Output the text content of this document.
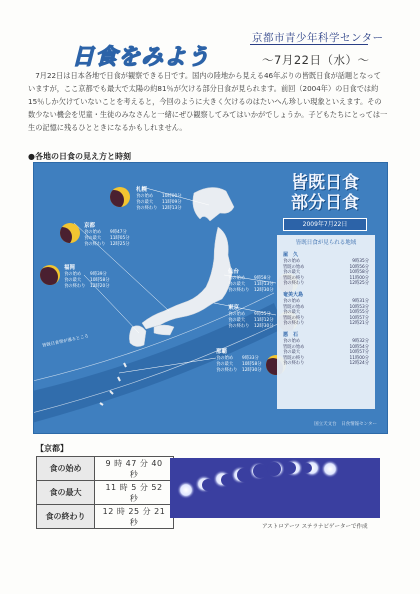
京都市青少年科学センター
日食をみよう	～7月22日（水）～
　7月22日は日本各地で日食が観察できる日です。国内の陸地から見える46年ぶりの皆既日食が話題となっていますが，ここ京都でも最大で太陽の約81％が欠ける部分日食が見られます。前回（2004年）の日食では約15％しか欠けていないことを考えると，今回のように大きく欠けるのはたいへん珍しい現象といえます。その数少ない機会を児童・生徒のみなさんと一緒にぜひ観察してみてはいかがでしょうか。子どもたちにとっては一生の記憶に残るひとときになるかもしれません。
●各地の日食の見え方と時刻
札幌
食の始め	10時00分
食の最大	11時09分
食の終わり	12時13分
京都
食の始め	9時47分
食の最大	11時05分
食の終わり	12時25分
福岡
食の始め	9時39分
食の最大	10時58分
食の終わり	12時20分
仙台
食の始め	9時58分
食の最大	11時13分
食の終わり	12時30分
東京
食の始め	9時55分
食の最大	11時12分
食の終わり	12時30分
那覇
食の始め	9時33分
食の最大	10時58分
食の終わり	12時30分
皆既日食帯が通るところ
皆既日食
部分日食
2009年7月22日
皆既日食が見られる地域
屋　久
食の始め	9時35分
皆既の始め	10時56分
食の最大	10時58分
皆既の終り	11時00分
食の終わり	12時25分
奄美大島
食の始め	9時31分
皆既の始め	10時53分
食の最大	10時55分
皆既の終り	10時57分
食の終わり	12時21分
悪　石
食の始め	9時32分
皆既の始め	10時54分
食の最大	10時57分
皆既の終り	11時00分
食の終わり	12時24分
国立天文台　日食情報センター
【京都】
食の始め	9 時 47 分 40 秒
食の最大	11 時 5 分 52 秒
食の終わり	12 時 25 分 21 秒
アストロアーツ ステラナビゲーターで作成
